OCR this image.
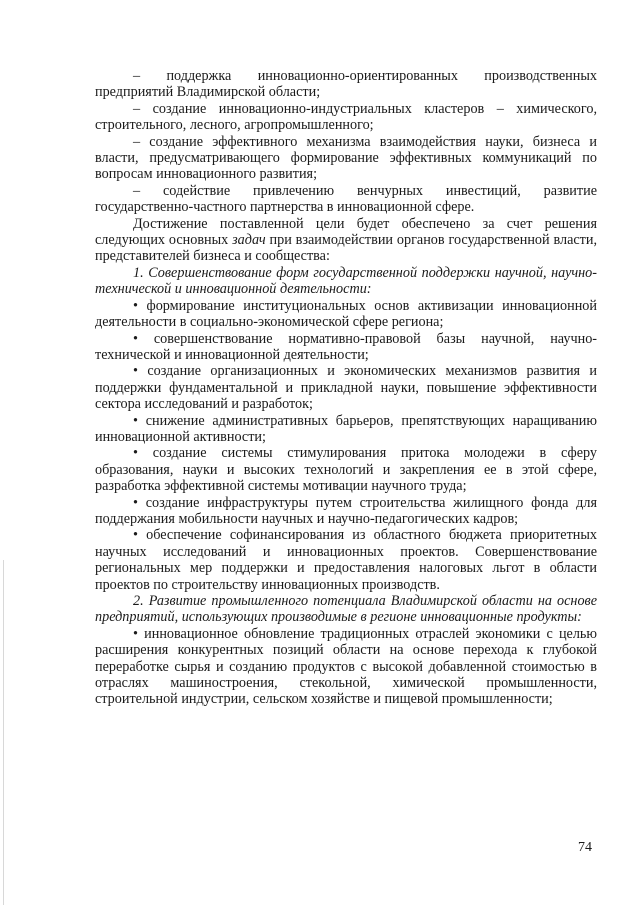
– поддержка инновационно-ориентированных производственных предприятий Владимирской области;

– создание инновационно-индустриальных кластеров – химического, строительного, лесного, агропромышленного;

– создание эффективного механизма взаимодействия науки, бизнеса и власти, предусматривающего формирование эффективных коммуникаций по вопросам инновационного развития;

– содействие привлечению венчурных инвестиций, развитие государственно-частного партнерства в инновационной сфере.

Достижение поставленной цели будет обеспечено за счет решения следующих основных задач при взаимодействии органов государственной власти, представителей бизнеса и сообщества:

1. Совершенствование форм государственной поддержки научной, научно-технической и инновационной деятельности:

• формирование институциональных основ активизации инновационной деятельности в социально-экономической сфере региона;

• совершенствование нормативно-правовой базы научной, научно-технической и инновационной деятельности;

• создание организационных и экономических механизмов развития и поддержки фундаментальной и прикладной науки, повышение эффективности сектора исследований и разработок;

• снижение административных барьеров, препятствующих наращиванию инновационной активности;

• создание системы стимулирования притока молодежи в сферу образования, науки и высоких технологий и закрепления ее в этой сфере, разработка эффективной системы мотивации научного труда;

• создание инфраструктуры путем строительства жилищного фонда для поддержания мобильности научных и научно-педагогических кадров;

• обеспечение софинансирования из областного бюджета приоритетных научных исследований и инновационных проектов. Совершенствование региональных мер поддержки и предоставления налоговых льгот в области проектов по строительству инновационных производств.

2. Развитие промышленного потенциала Владимирской области на основе предприятий, использующих производимые в регионе инновационные продукты:

• инновационное обновление традиционных отраслей экономики с целью расширения конкурентных позиций области на основе перехода к глубокой переработке сырья и созданию продуктов с высокой добавленной стоимостью в отраслях машиностроения, стекольной, химической промышленности, строительной индустрии, сельском хозяйстве и пищевой промышленности;

74
